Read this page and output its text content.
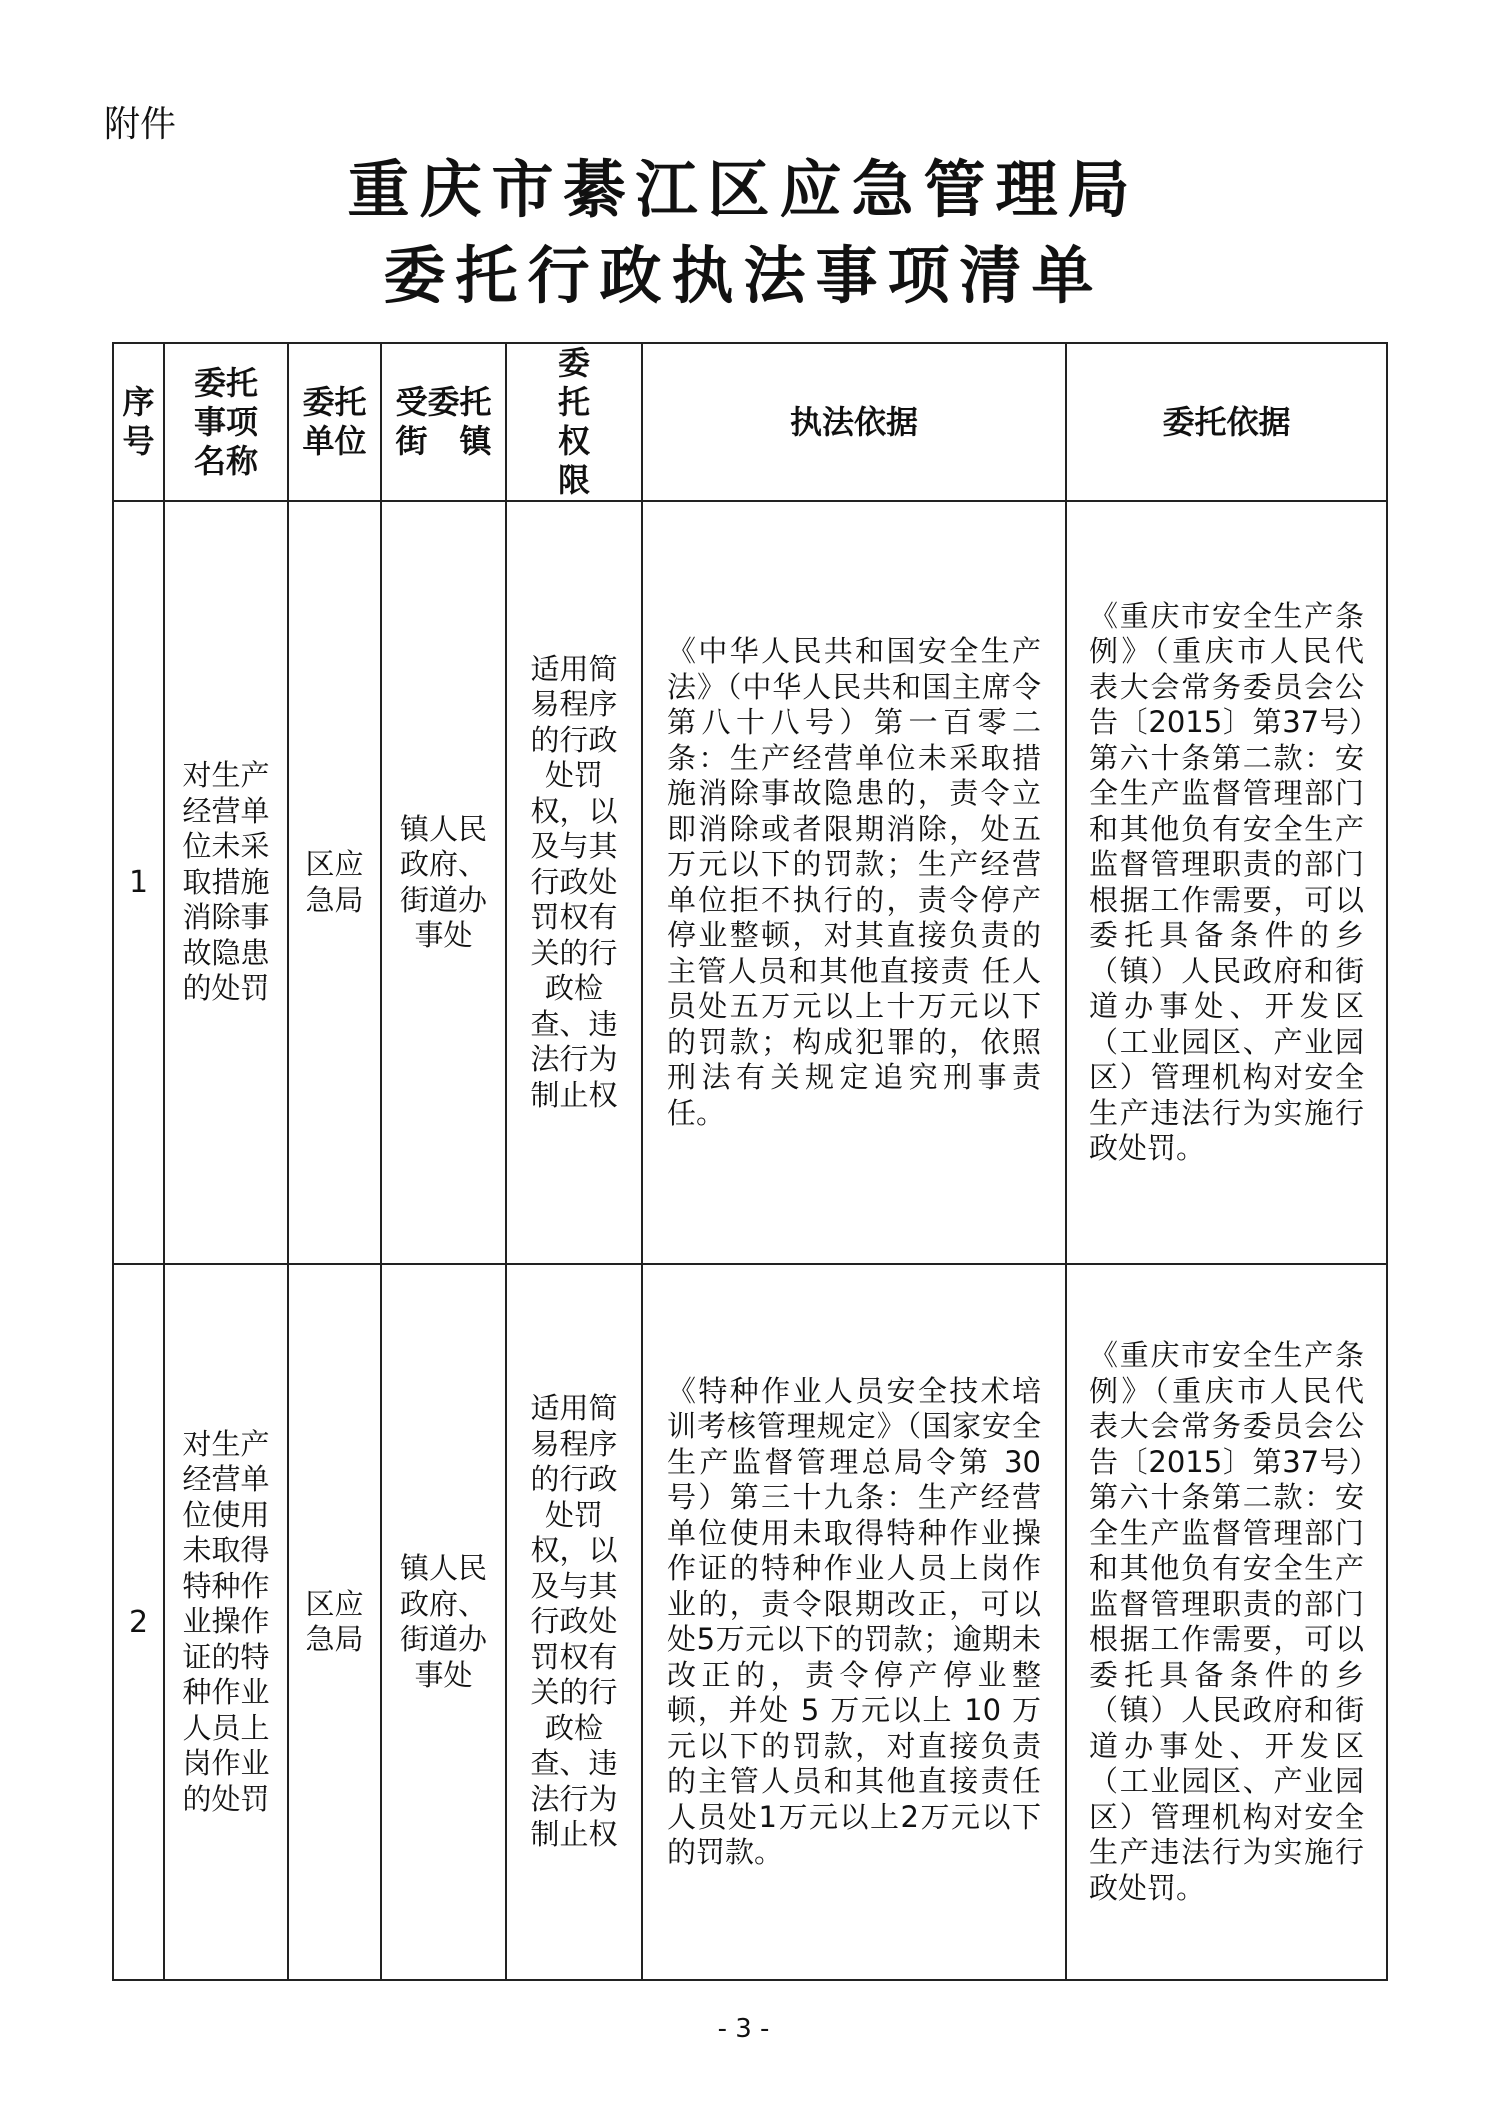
附件
重庆市綦江区应急管理局
委托行政执法事项清单
序号	委托事项名称	委托单位	受委托街　镇	委托权限	执法依据	委托依据
1	对生产经营单位未采取措施消除事故隐患的处罚	区应急局	镇人民政府、街道办事处	适用简易程序的行政处罚权，以及与其行政处罚权有关的行政检查、违法行为制止权	《中华人民共和国安全生产法》（中华人民共和国主席令第八十八号）第一百零二条：生产经营单位未采取措施消除事故隐患的，责令立即消除或者限期消除，处五万元以下的罚款；生产经营单位拒不执行的，责令停产停业整顿，对其直接负责的主管人员和其他直接责 任人员处五万元以上十万元以下的罚款；构成犯罪的，依照刑法有关规定追究刑事责任。	《重庆市安全生产条例》（重庆市人民代表大会常务委员会公告〔2015〕第37号）第六十条第二款：安全生产监督管理部门和其他负有安全生产监督管理职责的部门根据工作需要，可以委托具备条件的乡（镇）人民政府和街道办事处、开发区（工业园区、产业园区）管理机构对安全生产违法行为实施行政处罚。

2	对生产经营单位使用未取得特种作业操作证的特种作业人员上岗作业的处罚	区应急局	镇人民政府、街道办事处	适用简易程序的行政处罚权，以及与其行政处罚权有关的行政检查、违法行为制止权	《特种作业人员安全技术培训考核管理规定》（国家安全生产监督管理总局令第 30 号）第三十九条：生产经营单位使用未取得特种作业操作证的特种作业人员上岗作业的，责令限期改正，可以处5万元以下的罚款；逾期未改正的，责令停产停业整顿，并处 5 万元以上 10 万元以下的罚款，对直接负责的主管人员和其他直接责任人员处1万元以上2万元以下的罚款。	《重庆市安全生产条例》（重庆市人民代表大会常务委员会公告〔2015〕第37号）第六十条第二款：安全生产监督管理部门和其他负有安全生产监督管理职责的部门根据工作需要，可以委托具备条件的乡（镇）人民政府和街道办事处、开发区（工业园区、产业园区）管理机构对安全生产违法行为实施行政处罚。
- 3 -
